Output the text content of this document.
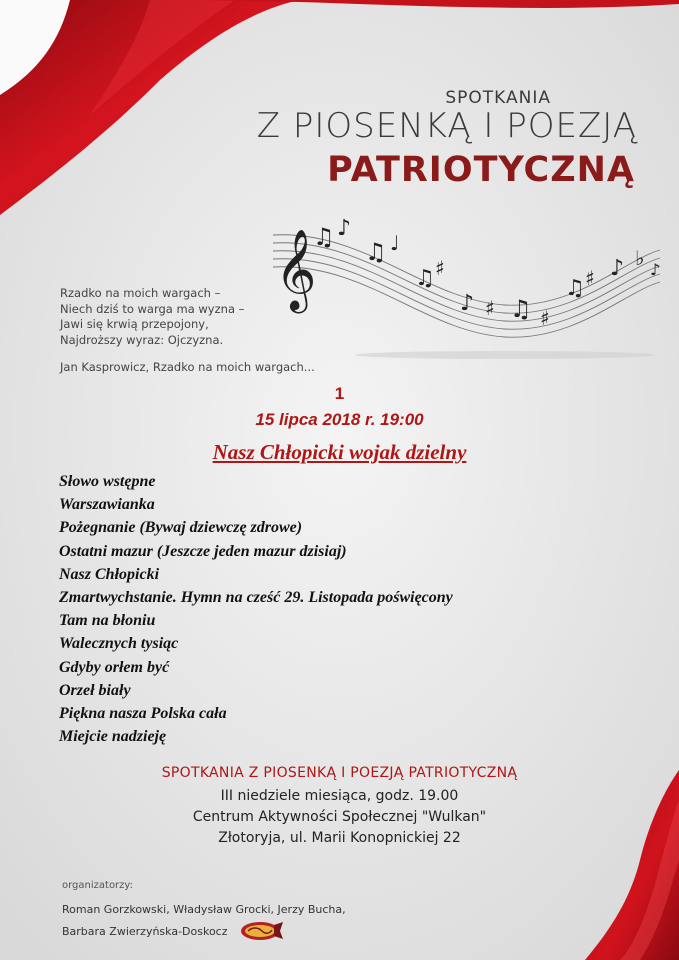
𝄞
♫ ♪
♫ ♩
♫ ♯
♪ ♯ ♫ ♯
♫ ♯ ♪ ♭ ♪
SPOTKANIA
Z PIOSENKĄ I POEZJĄ
PATRIOTYCZNĄ
Rzadko na moich wargach –
Niech dziś to warga ma wyzna –
Jawi się krwią przepojony,
Najdroższy wyraz: Ojczyzna.
Jan Kasprowicz, Rzadko na moich wargach...
1
15 lipca 2018 r. 19:00
Nasz Chłopicki wojak dzielny
Słowo wstępne
Warszawianka
Pożegnanie (Bywaj dziewczę zdrowe)
Ostatni mazur (Jeszcze jeden mazur dzisiaj)
Nasz Chłopicki
Zmartwychstanie. Hymn na cześć 29. Listopada poświęcony
Tam na błoniu
Walecznych tysiąc
Gdyby orłem być
Orzeł biały
Piękna nasza Polska cała
Miejcie nadzieję
SPOTKANIA Z PIOSENKĄ I POEZJĄ PATRIOTYCZNĄ
III niedziele miesiąca, godz. 19.00
Centrum Aktywności Społecznej "Wulkan"
Złotoryja, ul. Marii Konopnickiej 22
organizatorzy:
Roman Gorzkowski, Władysław Grocki, Jerzy Bucha,
Barbara Zwierzyńska-Doskocz
